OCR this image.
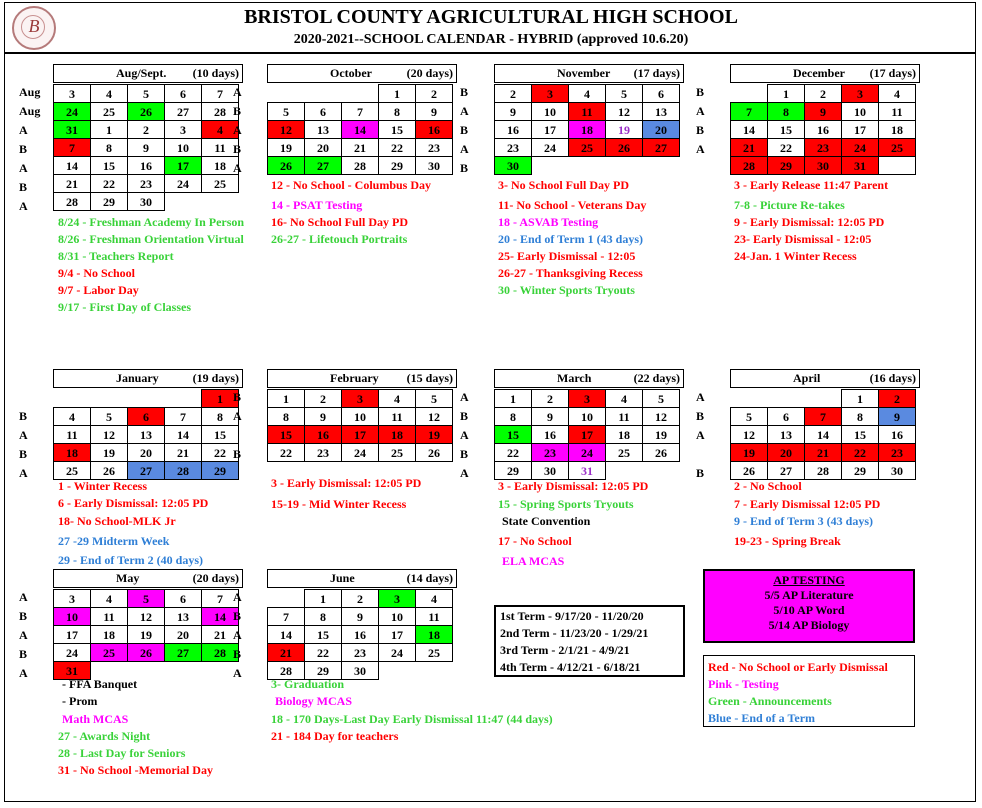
B	BRISTOL COUNTY AGRICULTURAL HIGH SCHOOL
2020-2021--SCHOOL CALENDAR - HYBRID (approved 10.6.20)
Aug/Sept. (10 days)
Aug
Aug
A
B
A
B
A
3	4	5	6	7
24	25	26	27	28
31	1	2	3	4
7	8	9	10	11
14	15	16	17	18
21	22	23	24	25
28	29	30		
October	(20 days)
A
B
A
B
A
			1	2
5	6	7	8	9
12	13	14	15	16
19	20	21	22	23
26	27	28	29	30
November (17 days)
B
A
B
A
B
2	3	4	5	6
9	10	11	12	13
16	17	18	19	20
23	24	25	26	27
30				
December (17 days)
B
A
B
A
	1	2	3	4
7	8	9	10	11
14	15	16	17	18
21	22	23	24	25
28	29	30	31	
January	(19 days)
B
A
B
A
				1
4	5	6	7	8
11	12	13	14	15
18	19	20	21	22
25	26	27	28	29
February (15 days)
B
A
B
1	2	3	4	5
8	9	10	11	12
15	16	17	18	19
22	23	24	25	26
March	(22 days)
A
B
A
B
A
1	2	3	4	5
8	9	10	11	12
15	16	17	18	19
22	23	24	25	26
29	30	31		
April	(16 days)
A
B
A
B
			1	2
5	6	7	8	9
12	13	14	15	16
19	20	21	22	23
26	27	28	29	30
May	(20 days)
A
B
A
B
A
3	4	5	6	7
10	11	12	13	14
17	18	19	20	21
24	25	26	27	28
31				
June	(14 days)
A
B
A
B
A
	1	2	3	4
7	8	9	10	11
14	15	16	17	18
21	22	23	24	25
28	29	30		
8/24 - Freshman Academy In Person
8/26 - Freshman Orientation Virtual
8/31 - Teachers Report
9/4 - No School
9/7 - Labor Day
9/17 - First Day of Classes
12 - No School - Columbus Day
14 - PSAT Testing
16- No School Full Day PD
26-27 - Lifetouch Portraits
3- No School Full Day PD
11- No School - Veterans Day
18 - ASVAB Testing
20 - End of Term 1 (43 days)
25- Early Dismissal - 12:05
26-27 - Thanksgiving Recess
30 - Winter Sports Tryouts
3 - Early Release 11:47 Parent
7-8 - Picture Re-takes
9 - Early Dismissal: 12:05 PD
23- Early Dismissal - 12:05
24-Jan. 1 Winter Recess
1 - Winter Recess
6 - Early Dismissal: 12:05 PD
18- No School-MLK Jr
27 -29 Midterm Week
29 - End of Term 2 (40 days)
3 - Early Dismissal: 12:05 PD
15-19 - Mid Winter Recess
3 - Early Dismissal: 12:05 PD
15 - Spring Sports Tryouts
State Convention
17 - No School
ELA MCAS
2 - No School
7 - Early Dismissal 12:05 PD
9 - End of Term 3 (43 days)
19-23 - Spring Break
- FFA Banquet
- Prom
Math MCAS
27 - Awards Night
28 - Last Day for Seniors
31 - No School -Memorial Day
3- Graduation
Biology MCAS
18 - 170 Days-Last Day Early Dismissal 11:47 (44 days)
21 - 184 Day for teachers
1st Term - 9/17/20 - 11/20/20
2nd Term - 11/23/20 - 1/29/21
3rd Term - 2/1/21 - 4/9/21
4th Term - 4/12/21 - 6/18/21
AP TESTING
5/5 AP Literature
5/10 AP Word
5/14 AP Biology
Red - No School or Early Dismissal
Pink - Testing
Green - Announcements
Blue - End of a Term
